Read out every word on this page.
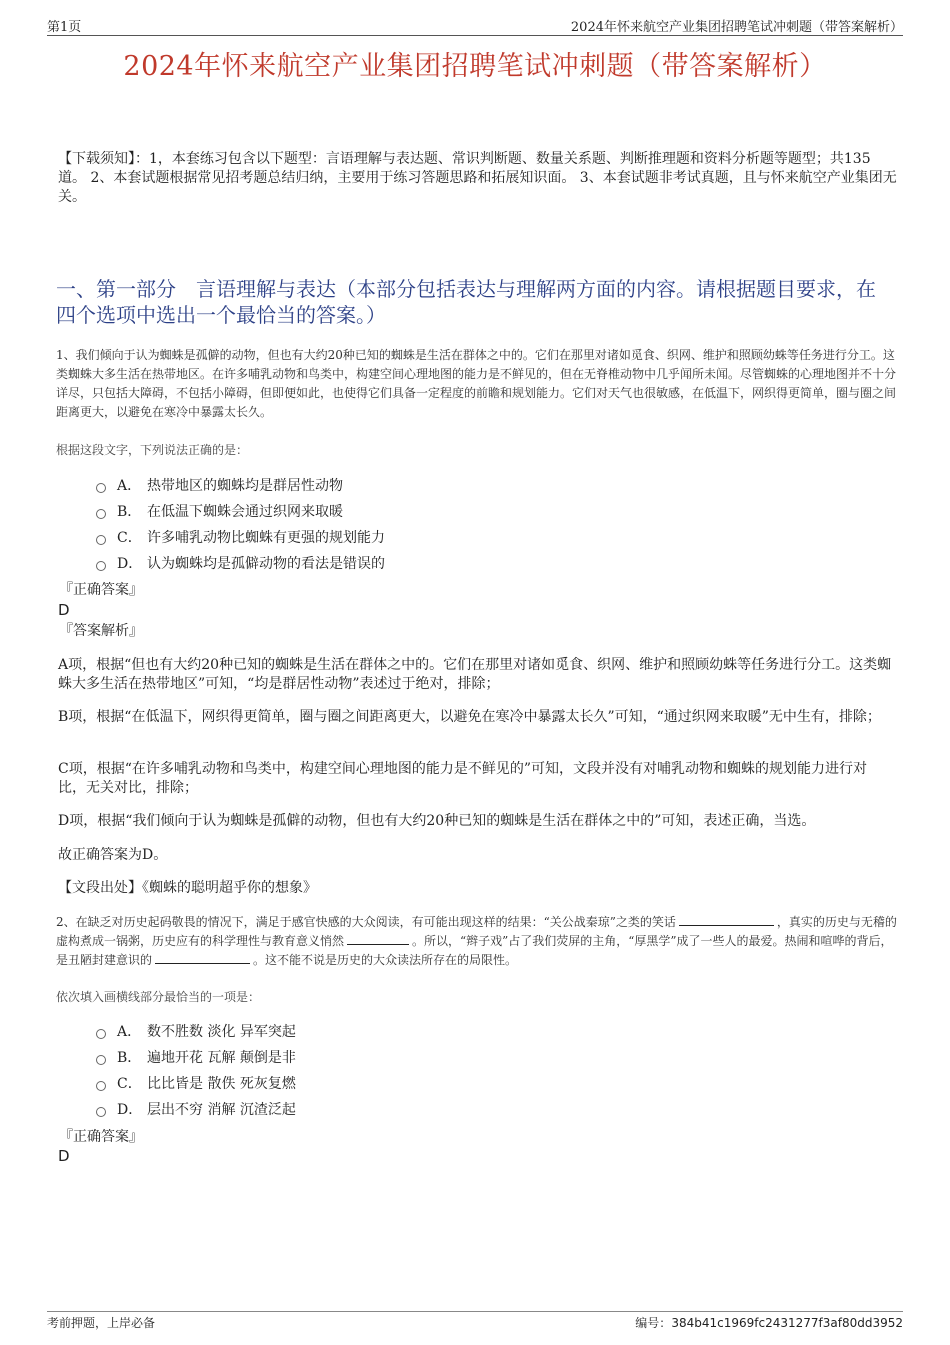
第1页	2024年怀来航空产业集团招聘笔试冲刺题（带答案解析）
2024年怀来航空产业集团招聘笔试冲刺题（带答案解析）
【下载须知】：1，本套练习包含以下题型：言语理解与表达题、常识判断题、数量关系题、判断推理题和资料分析题等题型；共135道。 2、本套试题根据常见招考题总结归纳，主要用于练习答题思路和拓展知识面。 3、本套试题非考试真题，且与怀来航空产业集团无关。
一、第一部分　言语理解与表达（本部分包括表达与理解两方面的内容。请根据题目要求，在四个选项中选出一个最恰当的答案。）
1、我们倾向于认为蜘蛛是孤僻的动物，但也有大约20种已知的蜘蛛是生活在群体之中的。它们在那里对诸如觅食、织网、维护和照顾幼蛛等任务进行分工。这类蜘蛛大多生活在热带地区。在许多哺乳动物和鸟类中，构建空间心理地图的能力是不鲜见的，但在无脊椎动物中几乎闻所未闻。尽管蜘蛛的心理地图并不十分详尽，只包括大障碍，不包括小障碍，但即便如此，也使得它们具备一定程度的前瞻和规划能力。它们对天气也很敏感，在低温下，网织得更简单，圈与圈之间距离更大，以避免在寒冷中暴露太长久。
根据这段文字，下列说法正确的是：
A． 热带地区的蜘蛛均是群居性动物
B． 在低温下蜘蛛会通过织网来取暖
C． 许多哺乳动物比蜘蛛有更强的规划能力
D． 认为蜘蛛均是孤僻动物的看法是错误的
『正确答案』
D
『答案解析』
A项，根据“但也有大约20种已知的蜘蛛是生活在群体之中的。它们在那里对诸如觅食、织网、维护和照顾幼蛛等任务进行分工。这类蜘蛛大多生活在热带地区”可知，“均是群居性动物”表述过于绝对，排除；
B项，根据“在低温下，网织得更简单，圈与圈之间距离更大，以避免在寒冷中暴露太长久”可知，“通过织网来取暖”无中生有，排除；
C项，根据“在许多哺乳动物和鸟类中，构建空间心理地图的能力是不鲜见的”可知，文段并没有对哺乳动物和蜘蛛的规划能力进行对比，无关对比，排除；
D项，根据“我们倾向于认为蜘蛛是孤僻的动物，但也有大约20种已知的蜘蛛是生活在群体之中的”可知，表述正确，当选。
故正确答案为D。
【文段出处】《蜘蛛的聪明超乎你的想象》
2、在缺乏对历史起码敬畏的情况下，满足于感官快感的大众阅读，有可能出现这样的结果：“关公战秦琼”之类的笑话	，真实的历史与无稽的虚构煮成一锅粥，历史应有的科学理性与教育意义悄然	。所以，“辫子戏”占了我们荧屏的主角，“厚黑学”成了一些人的最爱。热闹和喧哗的背后，是丑陋封建意识的	。这不能不说是历史的大众读法所存在的局限性。
依次填入画横线部分最恰当的一项是：
A． 数不胜数 淡化 异军突起
B． 遍地开花 瓦解 颠倒是非
C． 比比皆是 散佚 死灰复燃
D． 层出不穷 消解 沉渣泛起
『正确答案』
D
考前押题，上岸必备	编号：384b41c1969fc2431277f3af80dd3952
